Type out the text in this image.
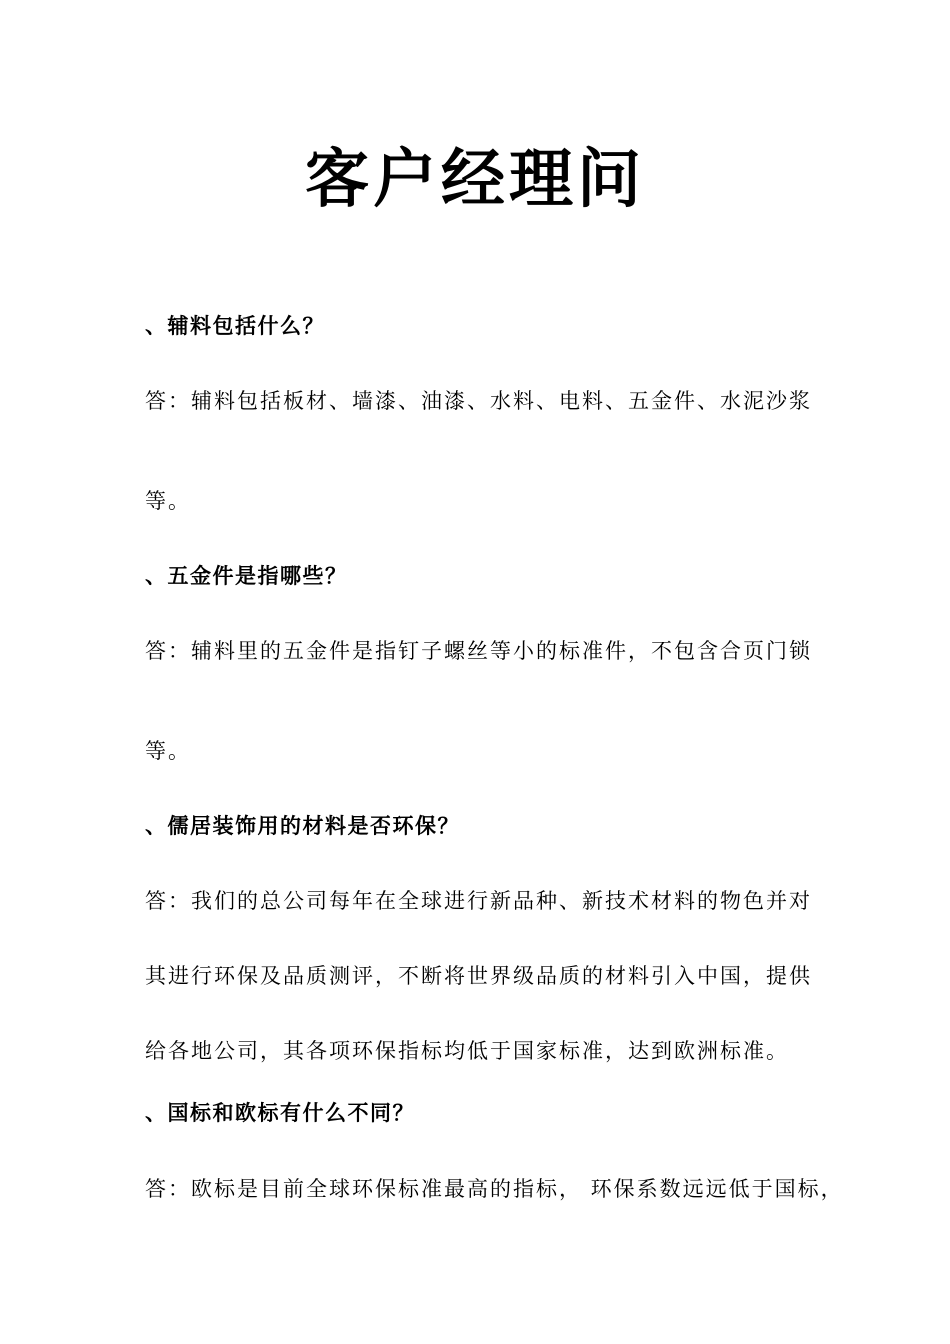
客户经理问
、辅料包括什么？
答：辅料包括板材、墙漆、油漆、水料、电料、五金件、水泥沙浆
等。
、五金件是指哪些？
答：辅料里的五金件是指钉子螺丝等小的标准件，不包含合页门锁
等。
、儒居装饰用的材料是否环保？
答：我们的总公司每年在全球进行新品种、新技术材料的物色并对
其进行环保及品质测评，不断将世界级品质的材料引入中国，提供
给各地公司，其各项环保指标均低于国家标准，达到欧洲标准。
、国标和欧标有什么不同？
答：欧标是目前全球环保标准最高的指标， 环保系数远远低于国标，
